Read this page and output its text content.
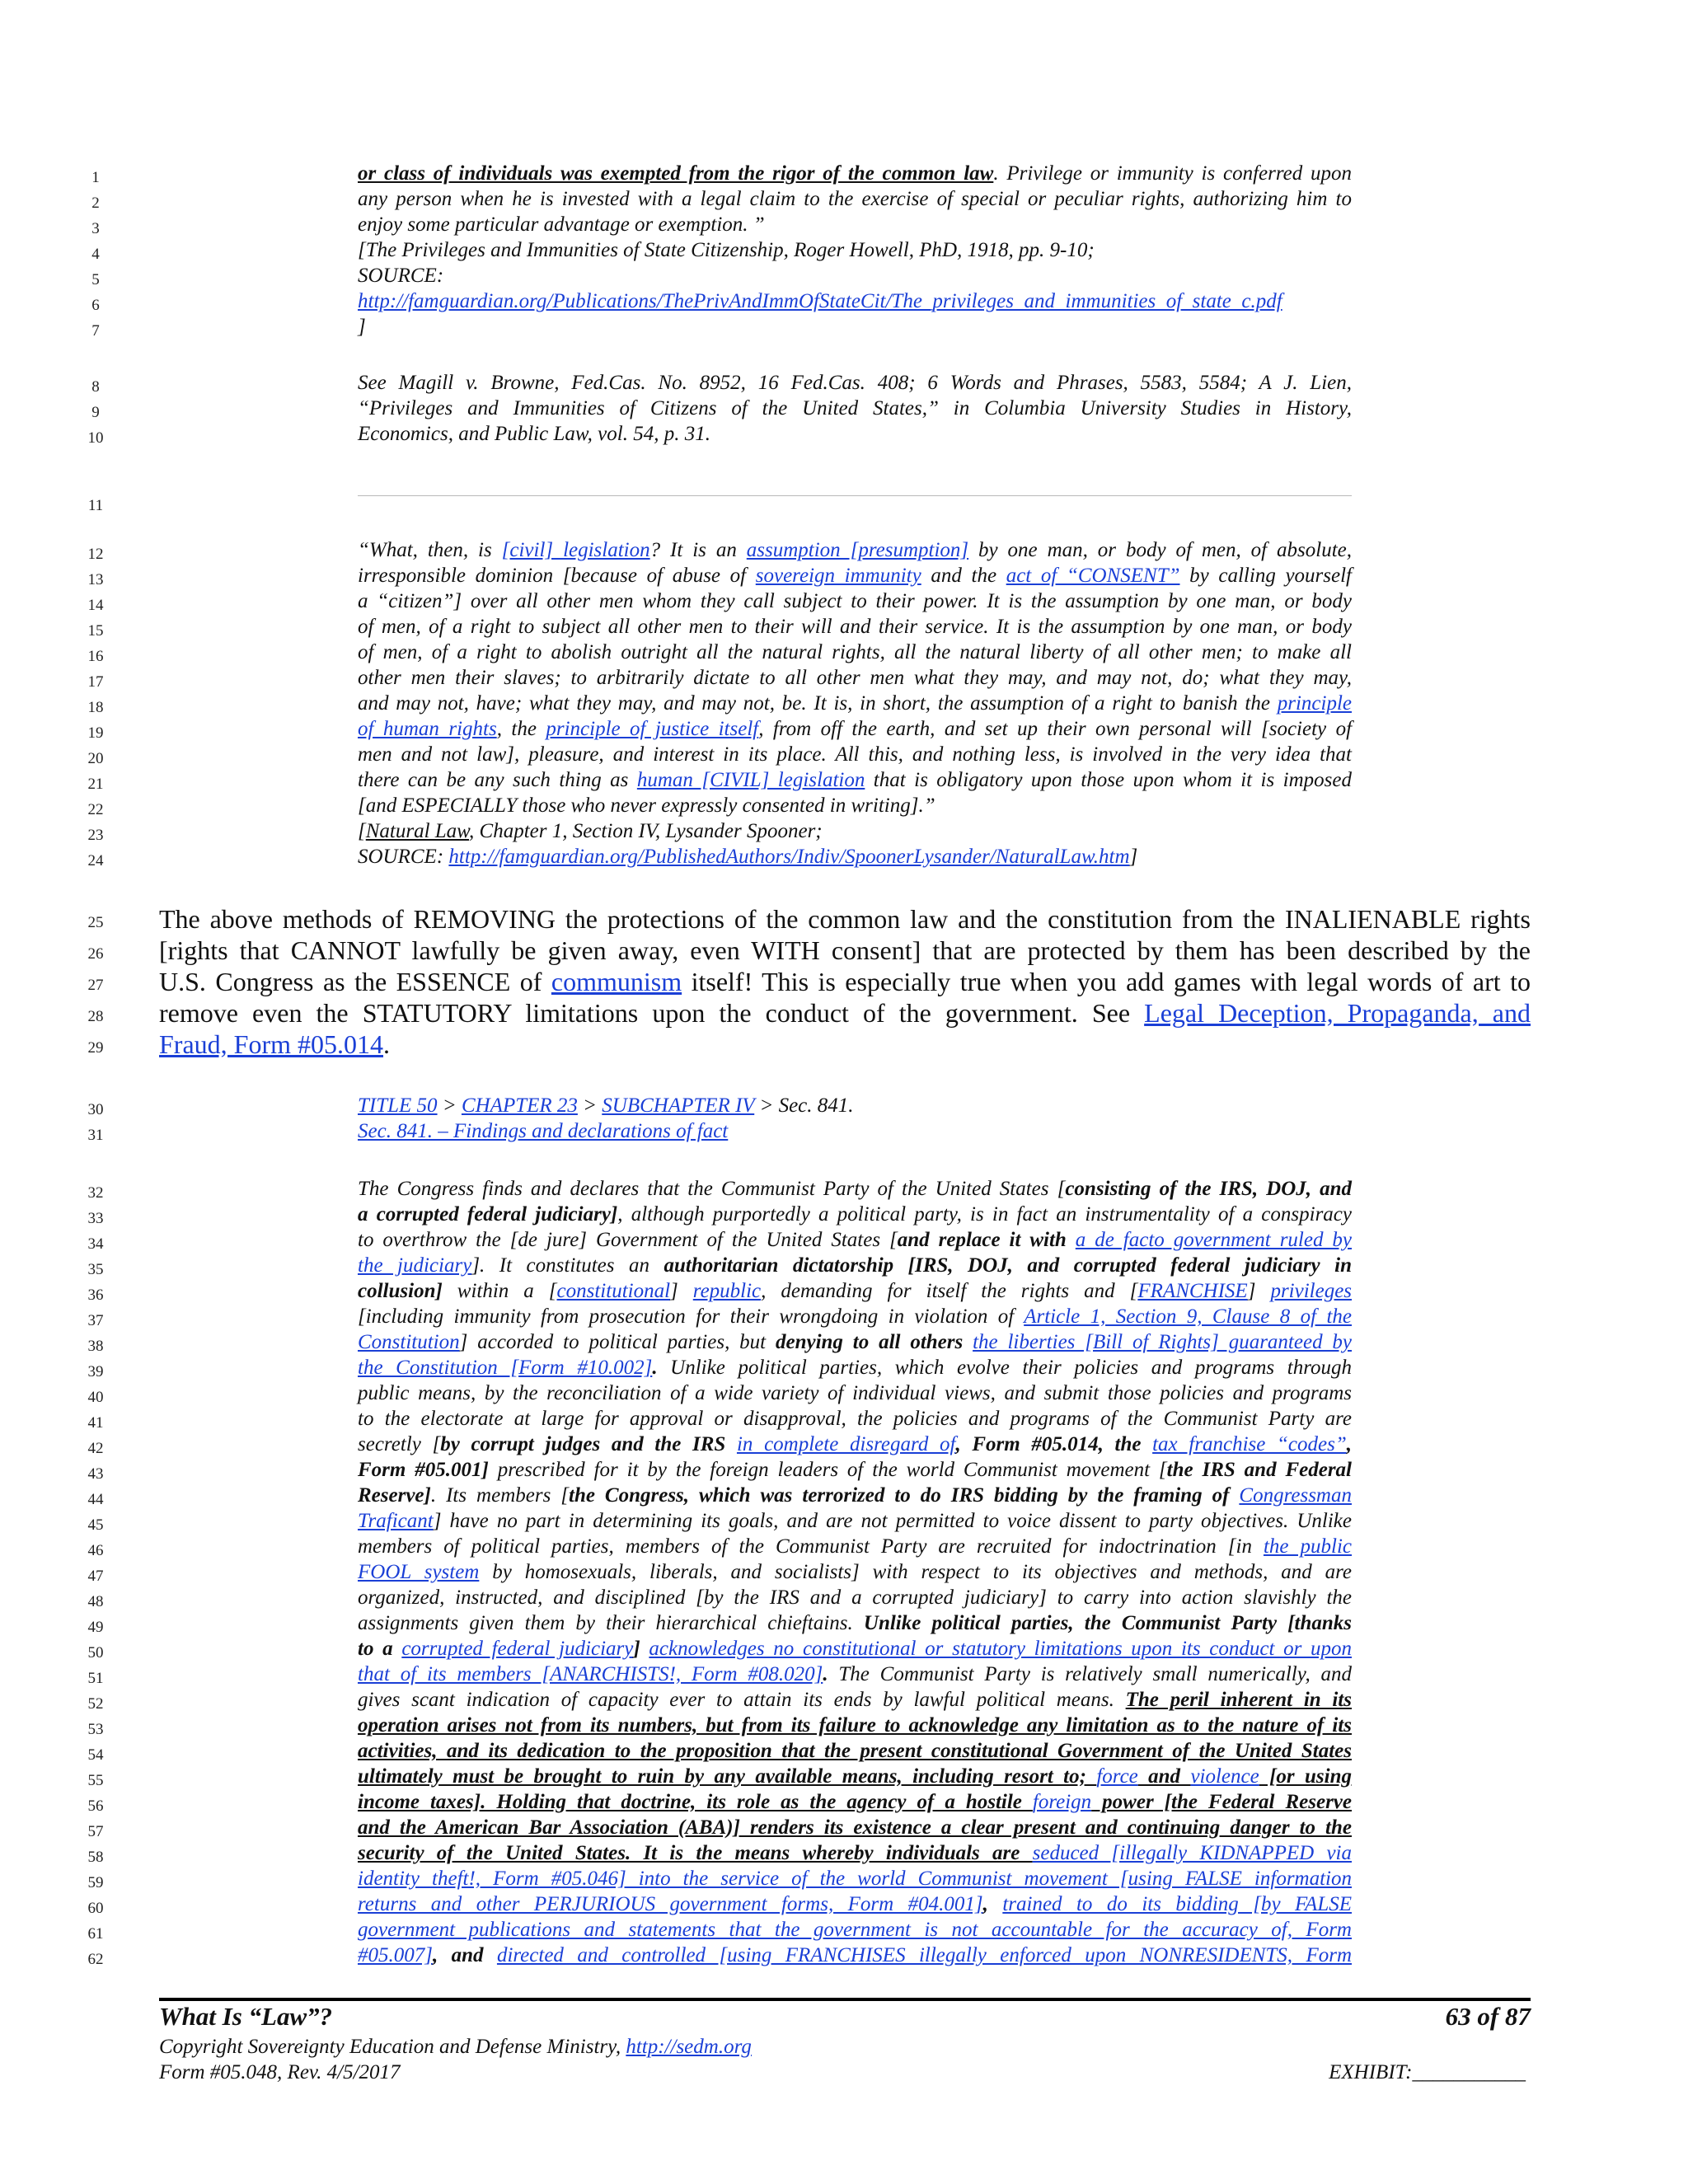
1
2
3
4
5
6
7
8
9
10
11
12
13
14
15
16
17
18
19
20
21
22
23
24
25
26
27
28
29
30
31
32
33
34
35
36
37
38
39
40
41
42
43
44
45
46
47
48
49
50
51
52
53
54
55
56
57
58
59
60
61
62
or class of individuals was exempted from the rigor of the common law. Privilege or immunity is conferred upon
any person when he is invested with a legal claim to the exercise of special or peculiar rights, authorizing him to
enjoy some particular advantage or exemption. ”
[The Privileges and Immunities of State Citizenship, Roger Howell, PhD, 1918, pp. 9-10;
SOURCE:
http://famguardian.org/Publications/ThePrivAndImmOfStateCit/The_privileges_and_immunities_of_state_c.pdf
]
See Magill v. Browne, Fed.Cas. No. 8952, 16 Fed.Cas. 408; 6 Words and Phrases, 5583, 5584; A J. Lien,
“Privileges and Immunities of Citizens of the United States,” in Columbia University Studies in History,
Economics, and Public Law, vol. 54, p. 31.
“What, then, is [civil] legislation? It is an assumption [presumption] by one man, or body of men, of absolute,
irresponsible dominion [because of abuse of sovereign immunity and the act of “CONSENT” by calling yourself
a “citizen”] over all other men whom they call subject to their power. It is the assumption by one man, or body
of men, of a right to subject all other men to their will and their service. It is the assumption by one man, or body
of men, of a right to abolish outright all the natural rights, all the natural liberty of all other men; to make all
other men their slaves; to arbitrarily dictate to all other men what they may, and may not, do; what they may,
and may not, have; what they may, and may not, be. It is, in short, the assumption of a right to banish the principle
of human rights, the principle of justice itself, from off the earth, and set up their own personal will [society of
men and not law], pleasure, and interest in its place. All this, and nothing less, is involved in the very idea that
there can be any such thing as human [CIVIL] legislation that is obligatory upon those upon whom it is imposed
[and ESPECIALLY those who never expressly consented in writing].”
[Natural Law, Chapter 1, Section IV, Lysander Spooner;
SOURCE: http://famguardian.org/PublishedAuthors/Indiv/SpoonerLysander/NaturalLaw.htm]
The above methods of REMOVING the protections of the common law and the constitution from the INALIENABLE rights
[rights that CANNOT lawfully be given away, even WITH consent] that are protected by them has been described by the
U.S. Congress as the ESSENCE of communism itself! This is especially true when you add games with legal words of art to
remove even the STATUTORY limitations upon the conduct of the government. See Legal Deception, Propaganda, and
Fraud, Form #05.014.
TITLE 50 > CHAPTER 23 > SUBCHAPTER IV > Sec. 841.
Sec. 841. – Findings and declarations of fact
The Congress finds and declares that the Communist Party of the United States [consisting of the IRS, DOJ, and
a corrupted federal judiciary], although purportedly a political party, is in fact an instrumentality of a conspiracy
to overthrow the [de jure] Government of the United States [and replace it with a de facto government ruled by
the judiciary]. It constitutes an authoritarian dictatorship [IRS, DOJ, and corrupted federal judiciary in
collusion] within a [constitutional] republic, demanding for itself the rights and [FRANCHISE] privileges
[including immunity from prosecution for their wrongdoing in violation of Article 1, Section 9, Clause 8 of the
Constitution] accorded to political parties, but denying to all others the liberties [Bill of Rights] guaranteed by
the Constitution [Form #10.002]. Unlike political parties, which evolve their policies and programs through
public means, by the reconciliation of a wide variety of individual views, and submit those policies and programs
to the electorate at large for approval or disapproval, the policies and programs of the Communist Party are
secretly [by corrupt judges and the IRS in complete disregard of, Form #05.014, the tax franchise “codes”,
Form #05.001] prescribed for it by the foreign leaders of the world Communist movement [the IRS and Federal
Reserve]. Its members [the Congress, which was terrorized to do IRS bidding by the framing of Congressman
Traficant] have no part in determining its goals, and are not permitted to voice dissent to party objectives. Unlike
members of political parties, members of the Communist Party are recruited for indoctrination [in the public
FOOL system by homosexuals, liberals, and socialists] with respect to its objectives and methods, and are
organized, instructed, and disciplined [by the IRS and a corrupted judiciary] to carry into action slavishly the
assignments given them by their hierarchical chieftains. Unlike political parties, the Communist Party [thanks
to a corrupted federal judiciary] acknowledges no constitutional or statutory limitations upon its conduct or upon
that of its members [ANARCHISTS!, Form #08.020]. The Communist Party is relatively small numerically, and
gives scant indication of capacity ever to attain its ends by lawful political means. The peril inherent in its
operation arises not from its numbers, but from its failure to acknowledge any limitation as to the nature of its
activities, and its dedication to the proposition that the present constitutional Government of the United States
ultimately must be brought to ruin by any available means, including resort to; force and violence [or using
income taxes]. Holding that doctrine, its role as the agency of a hostile foreign power [the Federal Reserve
and the American Bar Association (ABA)] renders its existence a clear present and continuing danger to the
security of the United States. It is the means whereby individuals are seduced [illegally KIDNAPPED via
identity theft!, Form #05.046] into the service of the world Communist movement [using FALSE information
returns and other PERJURIOUS government forms, Form #04.001], trained to do its bidding [by FALSE
government publications and statements that the government is not accountable for the accuracy of, Form
#05.007], and directed and controlled [using FRANCHISES illegally enforced upon NONRESIDENTS, Form
What Is “Law”?	63 of 87
Copyright Sovereignty Education and Defense Ministry, http://sedm.org
Form #05.048, Rev. 4/5/2017	EXHIBIT:___________
